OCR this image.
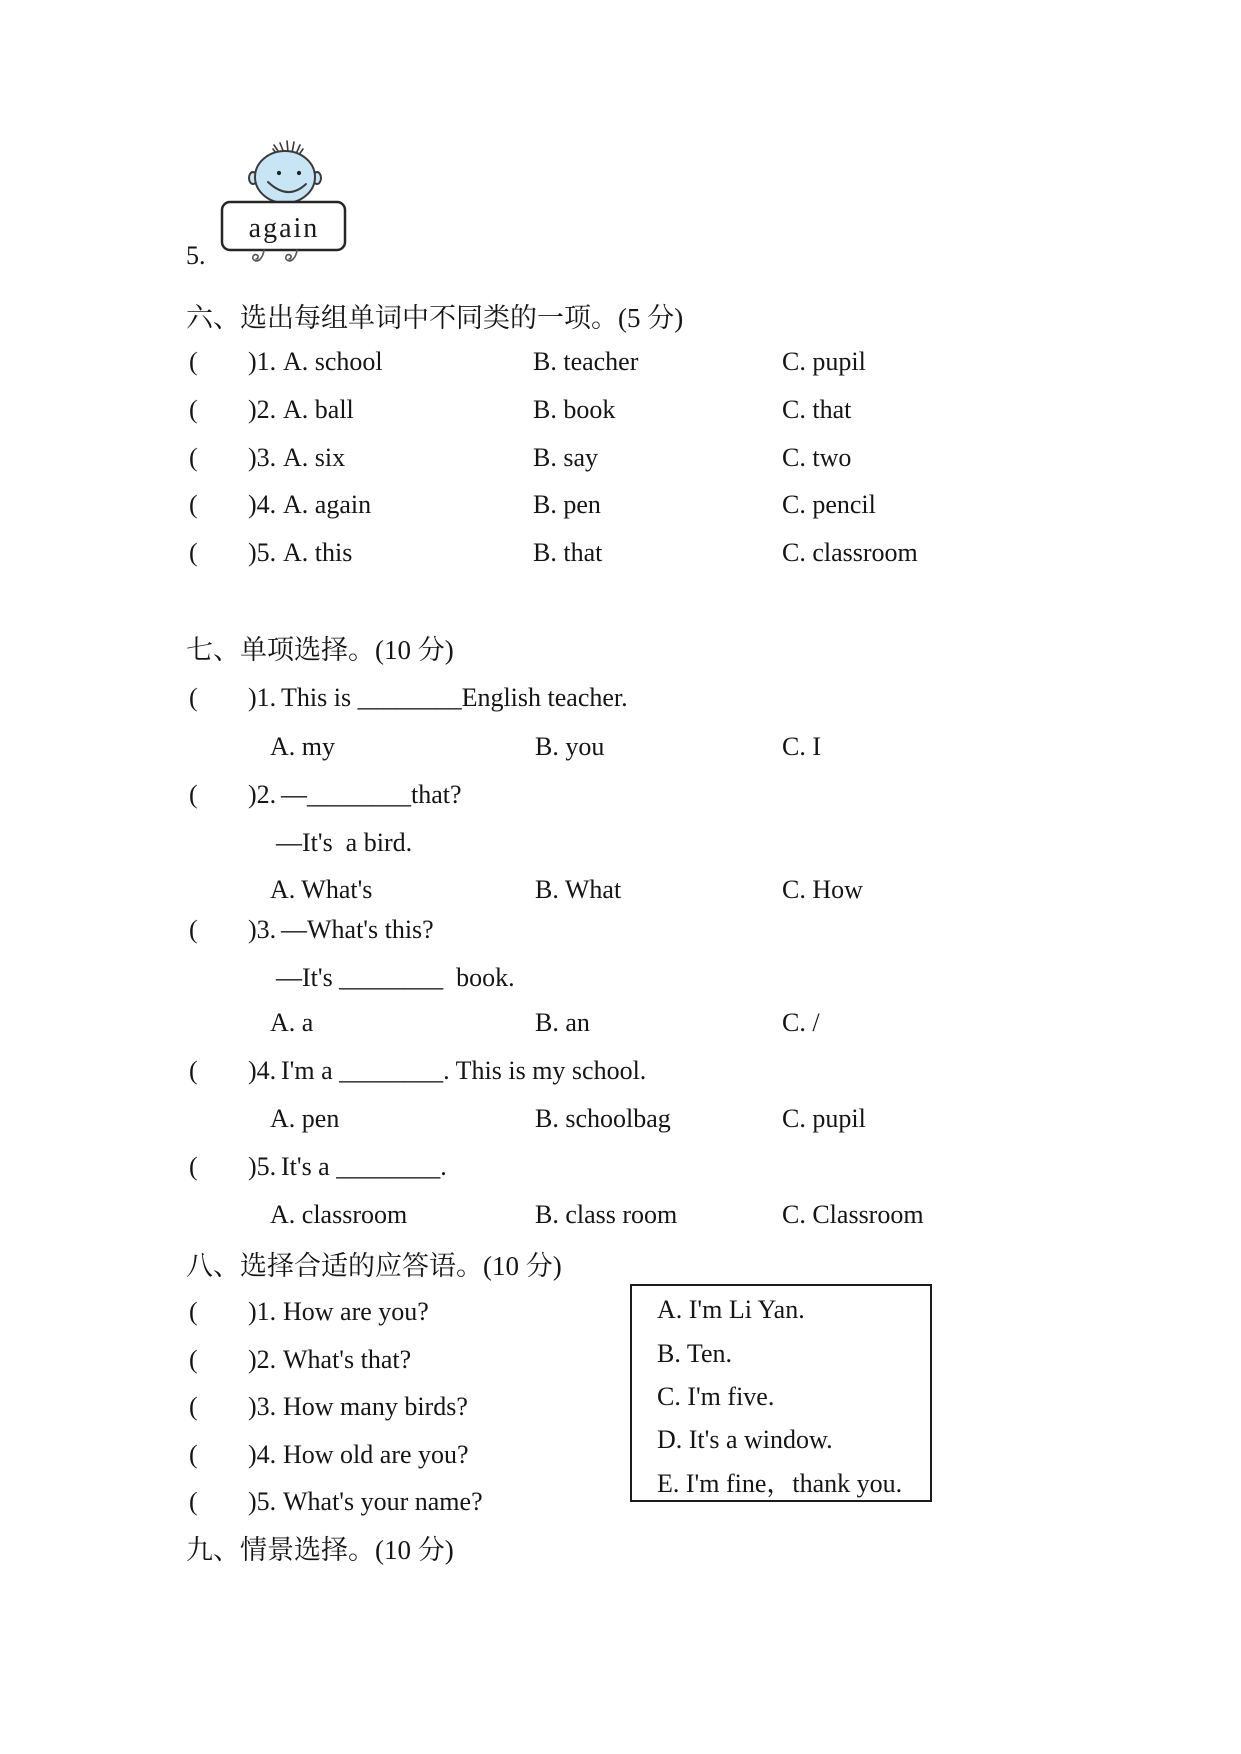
again
5.
六、选出每组单词中不同类的一项。(5 分)
( )1. A. school	B. teacher	C. pupil
( )2. A. ball	B. book	C. that
( )3. A. six	B. say	C. two
( )4. A. again	B. pen	C. pencil
( )5. A. this	B. that	C. classroom
七、单项选择。(10 分)
( )1. This is ________English teacher.
A. my	B. you	C. I
( )2. —________that?
—It's  a bird.
A. What's	B. What	C. How
( )3. —What's this?
—It's ________  book.
A. a	B. an	C. /
( )4. I'm a ________. This is my school.
A. pen	B. schoolbag	C. pupil
( )5. It's a ________.
A. classroom	B. class room	C. Classroom
八、选择合适的应答语。(10 分)
( )1. How are you?
( )2. What's that?
( )3. How many birds?
( )4. How old are you?
( )5. What's your name?
A. I'm Li Yan.
B. Ten.
C. I'm five.
D. It's a window.
E. I'm fine，thank you.
九、情景选择。(10 分)
